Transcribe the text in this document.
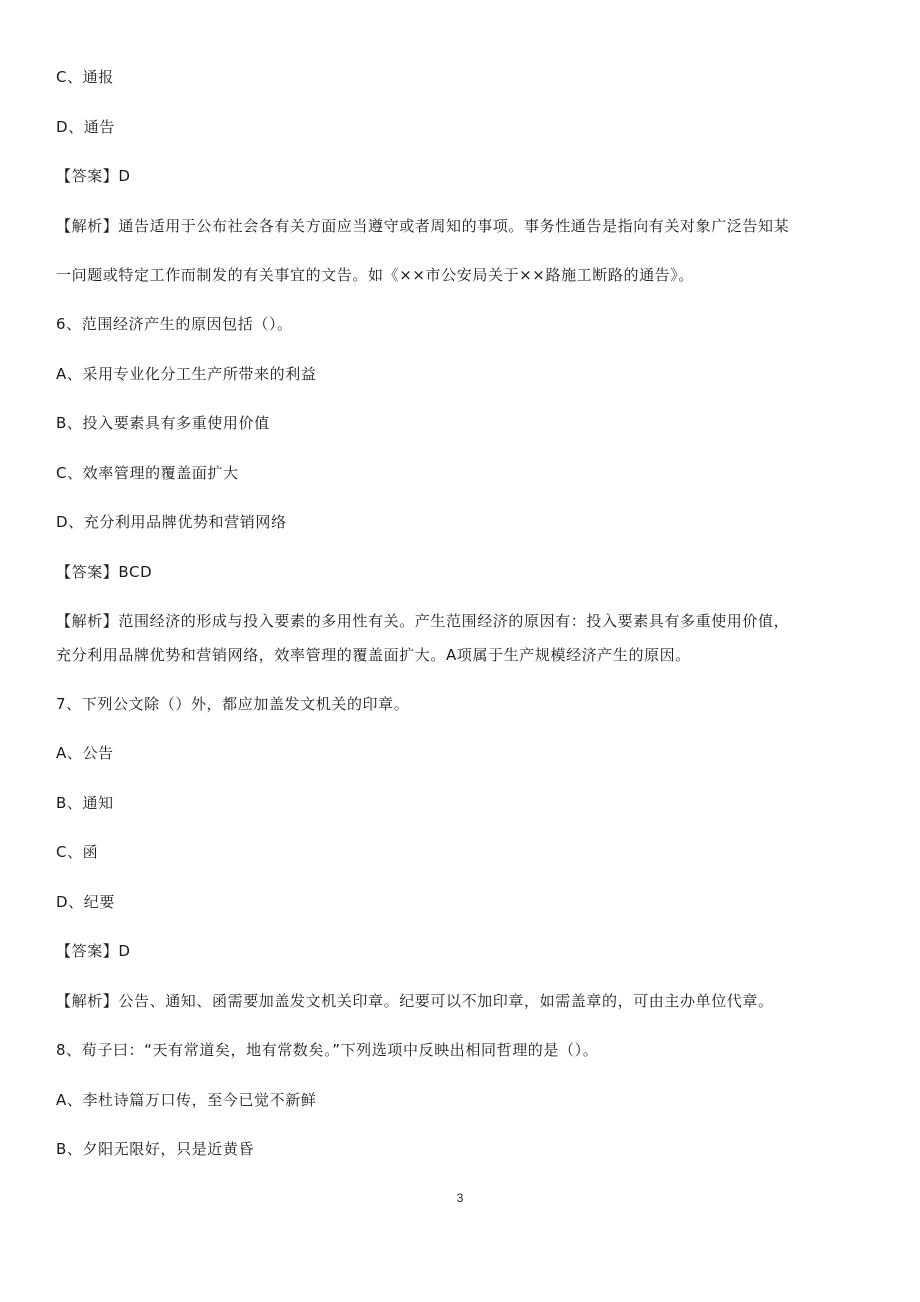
C、通报
D、通告
【答案】D
【解析】通告适用于公布社会各有关方面应当遵守或者周知的事项。事务性通告是指向有关对象广泛告知某
一问题或特定工作而制发的有关事宜的文告。如《××市公安局关于××路施工断路的通告》。
6、范围经济产生的原因包括（）。
A、采用专业化分工生产所带来的利益
B、投入要素具有多重使用价值
C、效率管理的覆盖面扩大
D、充分利用品牌优势和营销网络
【答案】BCD
【解析】范围经济的形成与投入要素的多用性有关。产生范围经济的原因有：投入要素具有多重使用价值，
充分利用品牌优势和营销网络，效率管理的覆盖面扩大。A项属于生产规模经济产生的原因。
7、下列公文除（）外，都应加盖发文机关的印章。
A、公告
B、通知
C、函
D、纪要
【答案】D
【解析】公告、通知、函需要加盖发文机关印章。纪要可以不加印章，如需盖章的，可由主办单位代章。
8、荀子曰：“天有常道矣，地有常数矣。”下列选项中反映出相同哲理的是（）。
A、李杜诗篇万口传，至今已觉不新鲜
B、夕阳无限好，只是近黄昏
3
